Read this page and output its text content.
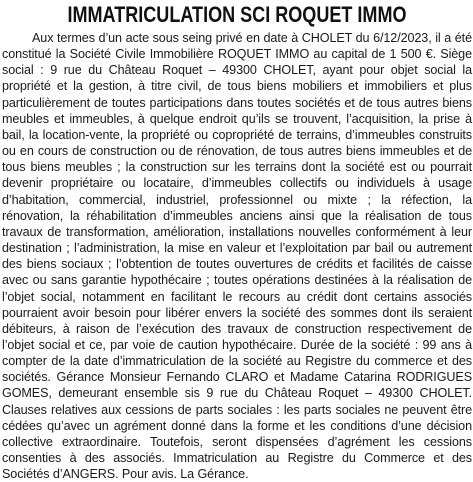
IMMATRICULATION SCI ROQUET IMMO

Aux termes d’un acte sous seing privé en date à CHOLET du 6/12/2023, il a été constitué la Société Civile Immobilière ROQUET IMMO au capital de 1 500 €. Siège social : 9 rue du Château Roquet – 49300 CHOLET, ayant pour objet social la propriété et la gestion, à titre civil, de tous biens mobiliers et immobiliers et plus particulièrement de toutes participations dans toutes sociétés et de tous autres biens meubles et immeubles, à quelque endroit qu’ils se trouvent, l’acquisition, la prise à bail, la location-vente, la propriété ou copropriété de terrains, d’immeubles construits ou en cours de construction ou de rénovation, de tous autres biens immeubles et de tous biens meubles ; la construction sur les terrains dont la société est ou pourrait devenir propriétaire ou locataire, d’immeubles collectifs ou individuels à usage d’habitation, commercial, industriel, professionnel ou mixte ; la réfection, la rénovation, la réhabilitation d’immeubles anciens ainsi que la réalisation de tous travaux de transformation, amélioration, installations nouvelles conformément à leur destination ; l’administration, la mise en valeur et l’exploitation par bail ou autrement des biens sociaux ; l’obtention de toutes ouvertures de crédits et facilités de caisse avec ou sans garantie hypothécaire ; toutes opérations destinées à la réalisation de l’objet social, notamment en facilitant le recours au crédit dont certains associés pourraient avoir besoin pour libérer envers la société des sommes dont ils seraient débiteurs, à raison de l’exécution des travaux de construction respectivement de l’objet social et ce, par voie de caution hypothécaire. Durée de la société : 99 ans à compter de la date d’immatriculation de la société au Registre du commerce et des sociétés. Gérance Monsieur Fernando CLARO et Madame Catarina RODRIGUES GOMES, demeurant ensemble sis 9 rue du Château Roquet – 49300 CHOLET. Clauses relatives aux cessions de parts sociales : les parts sociales ne peuvent être cédées qu’avec un agrément donné dans la forme et les conditions d’une décision collective extraordinaire. Toutefois, seront dispensées d’agrément les cessions consenties à des associés. Immatriculation au Registre du Commerce et des Sociétés d’ANGERS. Pour avis. La Gérance.
